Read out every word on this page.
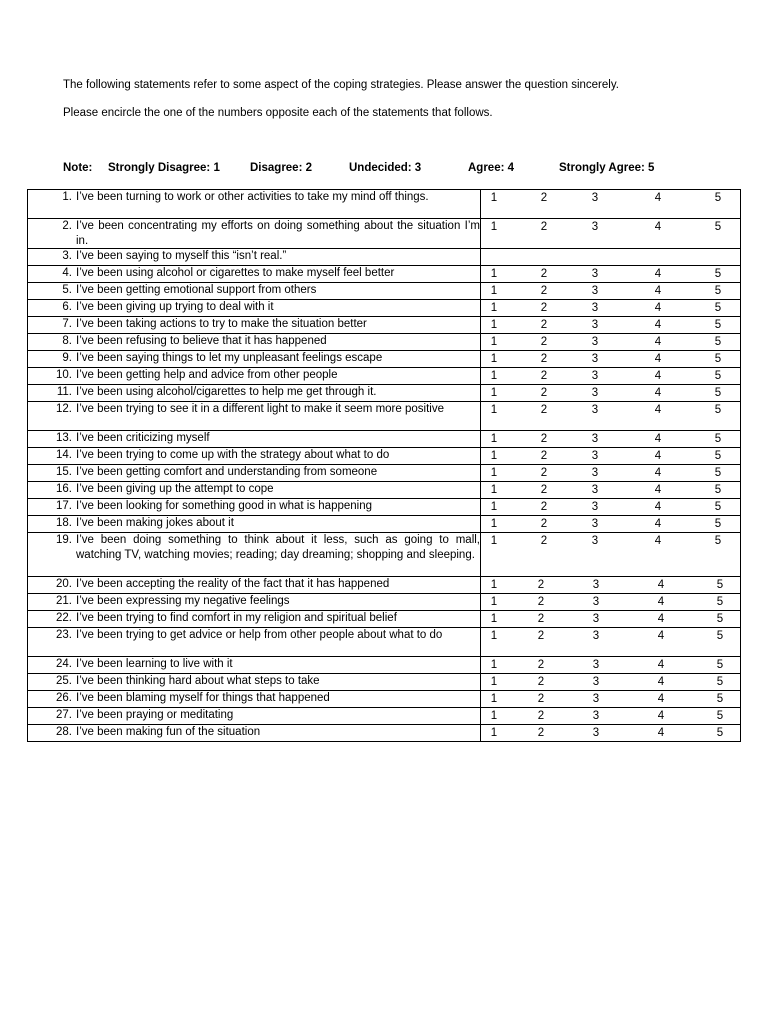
The following statements refer to some aspect of the coping strategies. Please answer the question sincerely.

Please encircle the one of the numbers opposite each of the statements that follows.

Note: Strongly Disagree: 1	Disagree: 2	Undecided: 3	Agree: 4	Strongly Agree: 5
1. I’ve been turning to work or other activities to take my mind off things.	1 2 3 4 5

2. I’ve been concentrating my efforts on doing something about the situation I’m in.	1 2 3 4 5

3. I’ve been saying to myself this “isn’t real.”	

4. I’ve been using alcohol or cigarettes to make myself feel better	1 2 3 4 5

5. I’ve been getting emotional support from others	1 2 3 4 5

6. I’ve been giving up trying to deal with it	1 2 3 4 5

7. I’ve been taking actions to try to make the situation better	1 2 3 4 5

8. I’ve been refusing to believe that it has happened	1 2 3 4 5

9. I’ve been saying things to let my unpleasant feelings escape	1 2 3 4 5

10. I’ve been getting help and advice from other people	1 2 3 4 5

11. I’ve been using alcohol/cigarettes to help me get through it.	1 2 3 4 5

12. I’ve been trying to see it in a different light to make it seem more positive	1 2 3 4 5

13. I’ve been criticizing myself	1 2 3 4 5

14. I’ve been trying to come up with the strategy about what to do	1 2 3 4 5

15. I’ve been getting comfort and understanding from someone	1 2 3 4 5

16. I’ve been giving up the attempt to cope	1 2 3 4 5

17. I’ve been looking for something good in what is happening	1 2 3 4 5

18. I’ve been making jokes about it	1 2 3 4 5

19. I’ve been doing something to think about it less, such as going to mall, watching TV, watching movies; reading; day dreaming; shopping and sleeping.	1 2 3 4 5

20. I’ve been accepting the reality of the fact that it has happened	1 2 3 4 5

21. I’ve been expressing my negative feelings	1 2 3 4 5

22. I’ve been trying to find comfort in my religion and spiritual belief	1 2 3 4 5

23. I’ve been trying to get advice or help from other people about what to do	1 2 3 4 5

24. I’ve been learning to live with it	1 2 3 4 5

25. I’ve been thinking hard about what steps to take	1 2 3 4 5

26. I’ve been blaming myself for things that happened	1 2 3 4 5

27. I’ve been praying or meditating	1 2 3 4 5

28. I’ve been making fun of the situation	1 2 3 4 5
